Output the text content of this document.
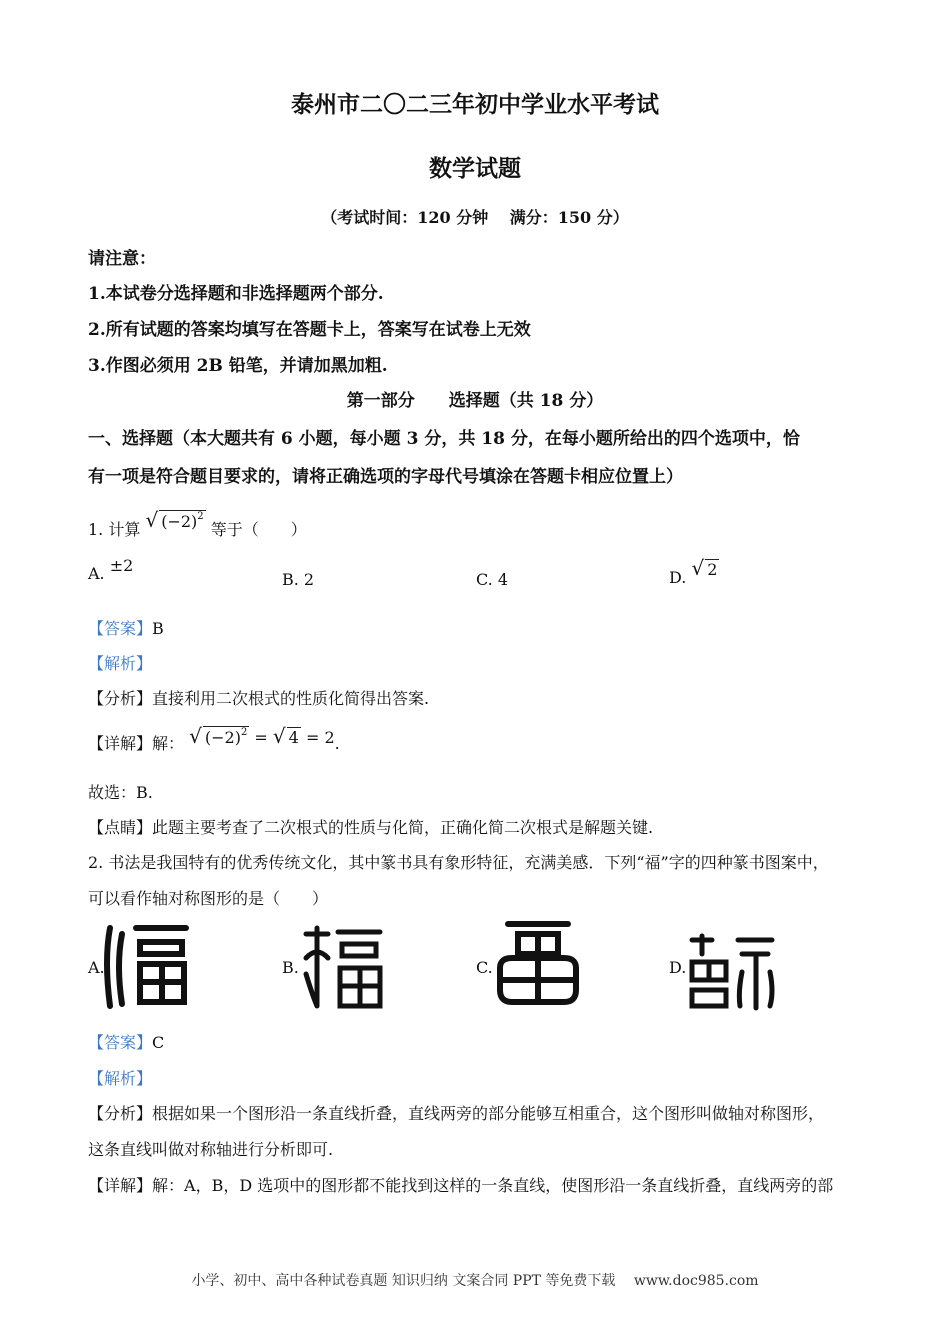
泰州市二〇二三年初中学业水平考试
数学试题
（考试时间：120 分钟　 满分：150 分）
请注意：
1.本试卷分选择题和非选择题两个部分.
2.所有试题的答案均填写在答题卡上，答案写在试卷上无效
3.作图必须用 2B 铅笔，并请加黑加粗.
第一部分　　选择题（共 18 分）
一、选择题（本大题共有 6 小题，每小题 3 分，共 18 分，在每小题所给出的四个选项中，恰
有一项是符合题目要求的，请将正确选项的字母代号填涂在答题卡相应位置上）
1. 计算 √ $(-2)^2$ 等于（　　）
A. ±2
B. 2	C. 4	D. √ 2
【答案】B
【解析】
【分析】直接利用二次根式的性质化简得出答案.
【详解】解： √ $(-2)^2$ = √ 4 = 2.
故选：B.
【点睛】此题主要考查了二次根式的性质与化简，正确化简二次根式是解题关键.
2. 书法是我国特有的优秀传统文化，其中篆书具有象形特征，充满美感．下列“福”字的四种篆书图案中，
可以看作轴对称图形的是（　　）
A.	B.	C.	D.
【答案】C
【解析】
【分析】根据如果一个图形沿一条直线折叠，直线两旁的部分能够互相重合，这个图形叫做轴对称图形，
这条直线叫做对称轴进行分析即可.
【详解】解：A，B，D 选项中的图形都不能找到这样的一条直线，使图形沿一条直线折叠，直线两旁的部
小学、初中、高中各种试卷真题 知识归纳 文案合同 PPT 等免费下载　 www.doc985.com
